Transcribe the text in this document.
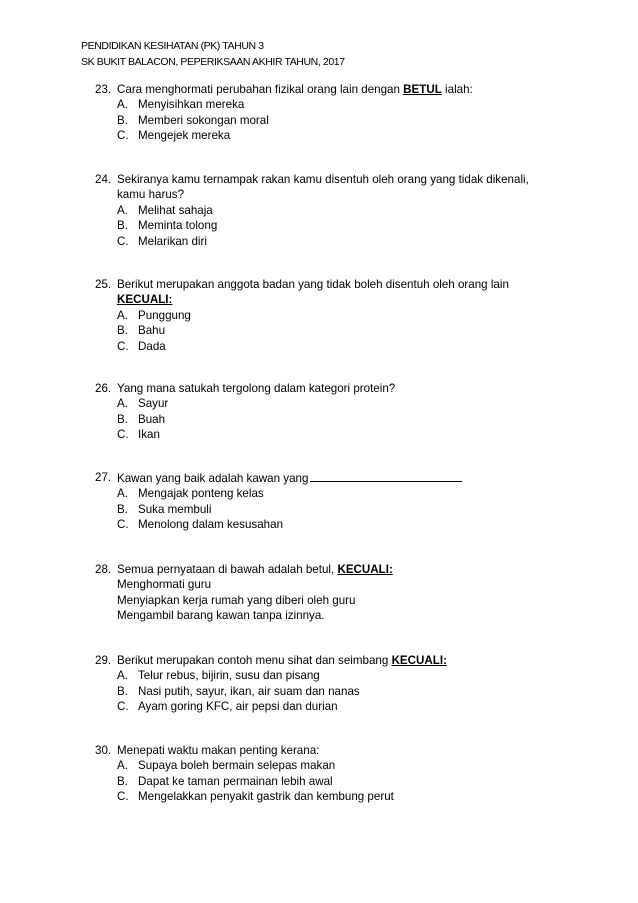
PENDIDIKAN KESIHATAN (PK) TAHUN 3
SK BUKIT BALACON, PEPERIKSAAN AKHIR TAHUN, 2017
23. Cara menghormati perubahan fizikal orang lain dengan BETUL ialah:
A. Menyisihkan mereka
B. Memberi sokongan moral
C. Mengejek mereka
24. Sekiranya kamu ternampak rakan kamu disentuh oleh orang yang tidak dikenali, kamu harus?
A. Melihat sahaja
B. Meminta tolong
C. Melarikan diri
25. Berikut merupakan anggota badan yang tidak boleh disentuh oleh orang lain
KECUALI:
A. Punggung
B. Bahu
C. Dada
26. Yang mana satukah tergolong dalam kategori protein?
A. Sayur
B. Buah
C. Ikan
27. Kawan yang baik adalah kawan yang
A. Mengajak ponteng kelas
B. Suka membuli
C. Menolong dalam kesusahan
28. Semua pernyataan di bawah adalah betul, KECUALI:
Menghormati guru
Menyiapkan kerja rumah yang diberi oleh guru
Mengambil barang kawan tanpa izinnya.
29. Berikut merupakan contoh menu sihat dan seimbang KECUALI:
A. Telur rebus, bijirin, susu dan pisang
B. Nasi putih, sayur, ikan, air suam dan nanas
C. Ayam goring KFC, air pepsi dan durian
30. Menepati waktu makan penting kerana:
A. Supaya boleh bermain selepas makan
B. Dapat ke taman permainan lebih awal
C. Mengelakkan penyakit gastrik dan kembung perut
